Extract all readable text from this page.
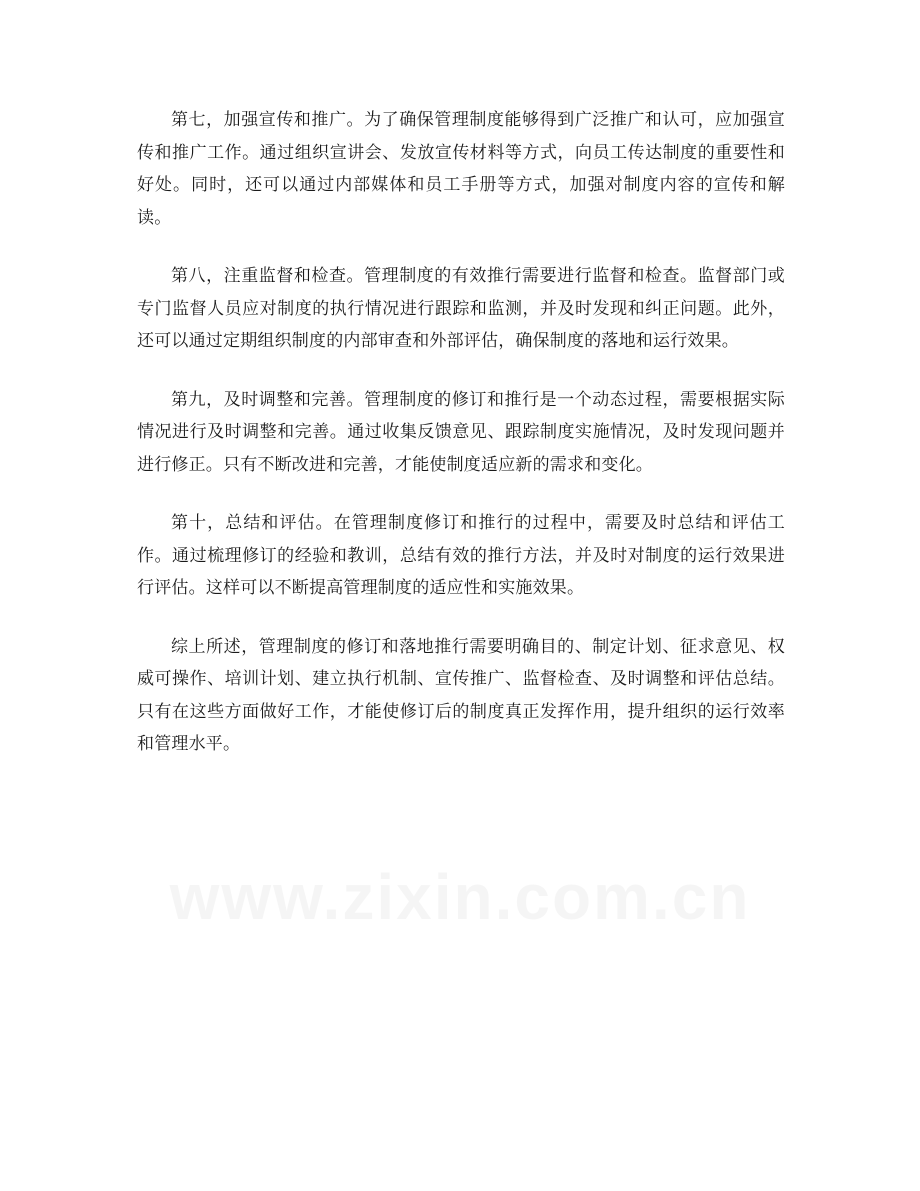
第七，加强宣传和推广。为了确保管理制度能够得到广泛推广和认可，应加强宣传和推广工作。通过组织宣讲会、发放宣传材料等方式，向员工传达制度的重要性和好处。同时，还可以通过内部媒体和员工手册等方式，加强对制度内容的宣传和解读。

第八，注重监督和检查。管理制度的有效推行需要进行监督和检查。监督部门或专门监督人员应对制度的执行情况进行跟踪和监测，并及时发现和纠正问题。此外，还可以通过定期组织制度的内部审查和外部评估，确保制度的落地和运行效果。

第九，及时调整和完善。管理制度的修订和推行是一个动态过程，需要根据实际情况进行及时调整和完善。通过收集反馈意见、跟踪制度实施情况，及时发现问题并进行修正。只有不断改进和完善，才能使制度适应新的需求和变化。

第十，总结和评估。在管理制度修订和推行的过程中，需要及时总结和评估工作。通过梳理修订的经验和教训，总结有效的推行方法，并及时对制度的运行效果进行评估。这样可以不断提高管理制度的适应性和实施效果。

综上所述，管理制度的修订和落地推行需要明确目的、制定计划、征求意见、权威可操作、培训计划、建立执行机制、宣传推广、监督检查、及时调整和评估总结。只有在这些方面做好工作，才能使修订后的制度真正发挥作用，提升组织的运行效率和管理水平。
